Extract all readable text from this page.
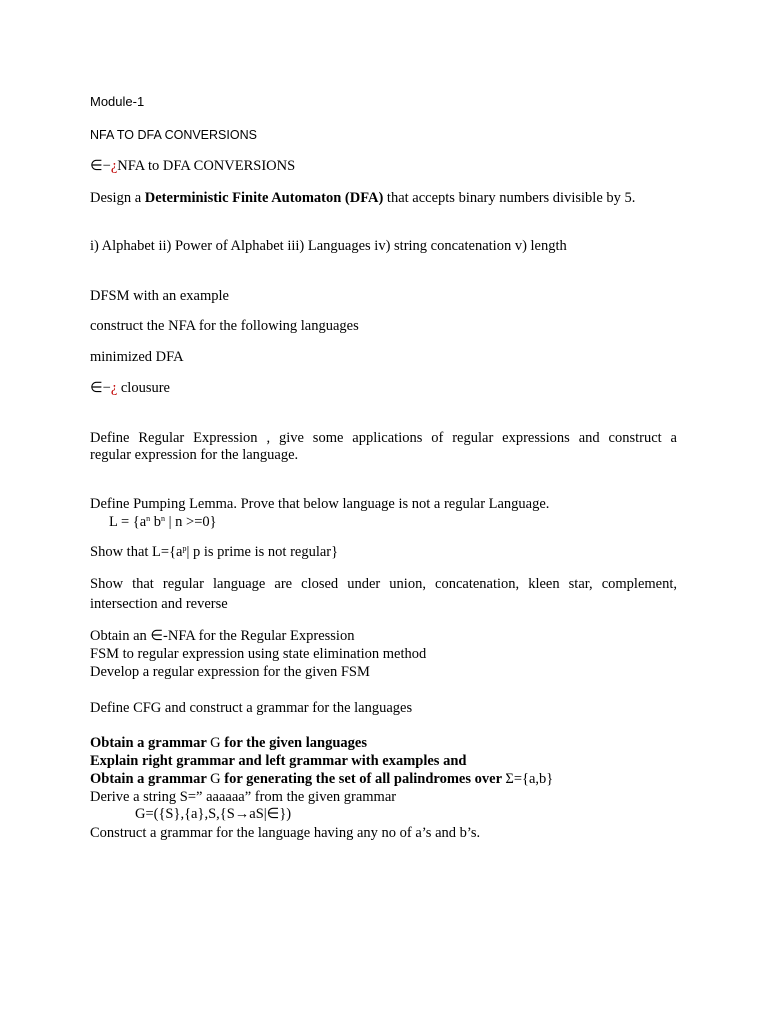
Module-1
NFA TO DFA CONVERSIONS
∈−¿NFA to DFA CONVERSIONS
Design a Deterministic Finite Automaton (DFA) that accepts binary numbers divisible by 5.
i) Alphabet ii) Power of Alphabet iii) Languages iv) string concatenation v) length
DFSM with an example
construct the NFA for the following languages
minimized DFA
∈−¿ clousure
Define Regular Expression , give some applications of regular expressions and construct a
regular expression for the language.
Define Pumping Lemma. Prove that below language is not a regular Language.
$L = \{a^n$ $b^n$ | n >=0}
Show that $L=\{a^p|$ p is prime is not regular}
Show that regular language are closed under union, concatenation, kleen star, complement,
intersection and reverse
Obtain an ∈-NFA for the Regular Expression
FSM to regular expression using state elimination method
Develop a regular expression for the given FSM
Define CFG and construct a grammar for the languages
Obtain a grammar G for the given languages
Explain right grammar and left grammar with examples and
Obtain a grammar G for generating the set of all palindromes over Σ={a,b}
Derive a string S=” aaaaaa” from the given grammar
G=({S},{a},S,{S→aS|∈})
Construct a grammar for the language having any no of a’s and b’s.
